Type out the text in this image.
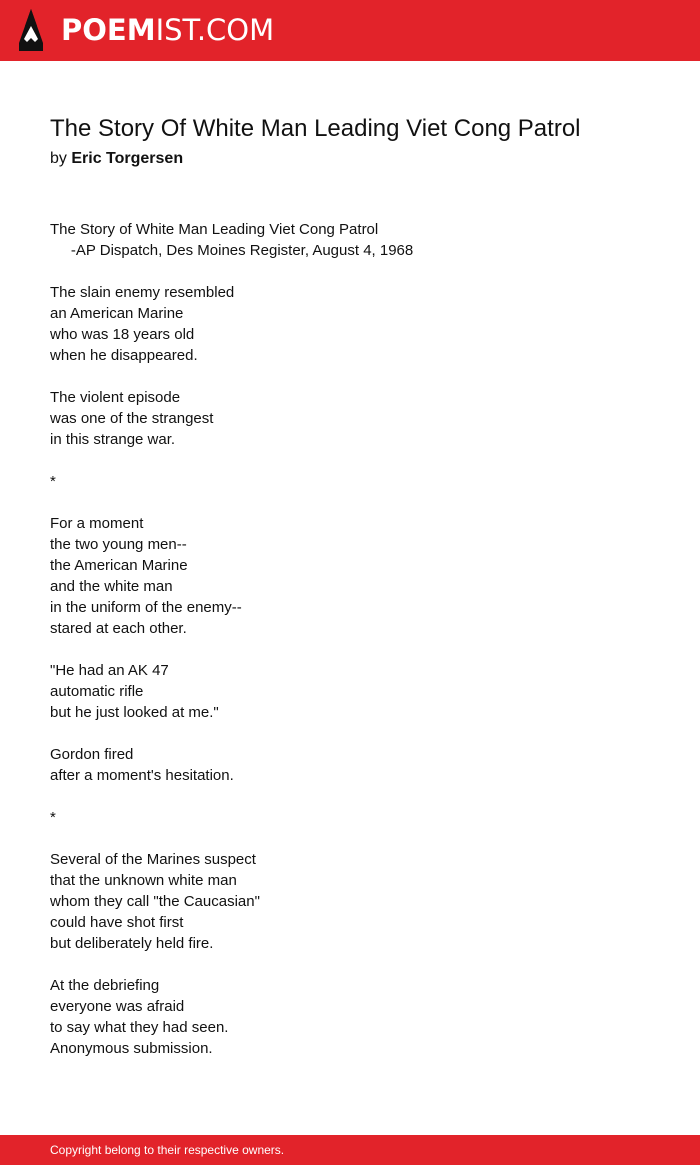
POEMIST.COM
The Story Of White Man Leading Viet Cong Patrol
by Eric Torgersen
The Story of White Man Leading Viet Cong Patrol
-AP Dispatch, Des Moines Register, August 4, 1968

The slain enemy resembled
an American Marine
who was 18 years old
when he disappeared.

The violent episode
was one of the strangest
in this strange war.

*

For a moment
the two young men--
the American Marine
and the white man
in the uniform of the enemy--
stared at each other.

"He had an AK 47
automatic rifle
but he just looked at me."

Gordon fired
after a moment's hesitation.

*

Several of the Marines suspect
that the unknown white man
whom they call "the Caucasian"
could have shot first
but deliberately held fire.

At the debriefing
everyone was afraid
to say what they had seen.
Anonymous submission.
Copyright belong to their respective owners.
